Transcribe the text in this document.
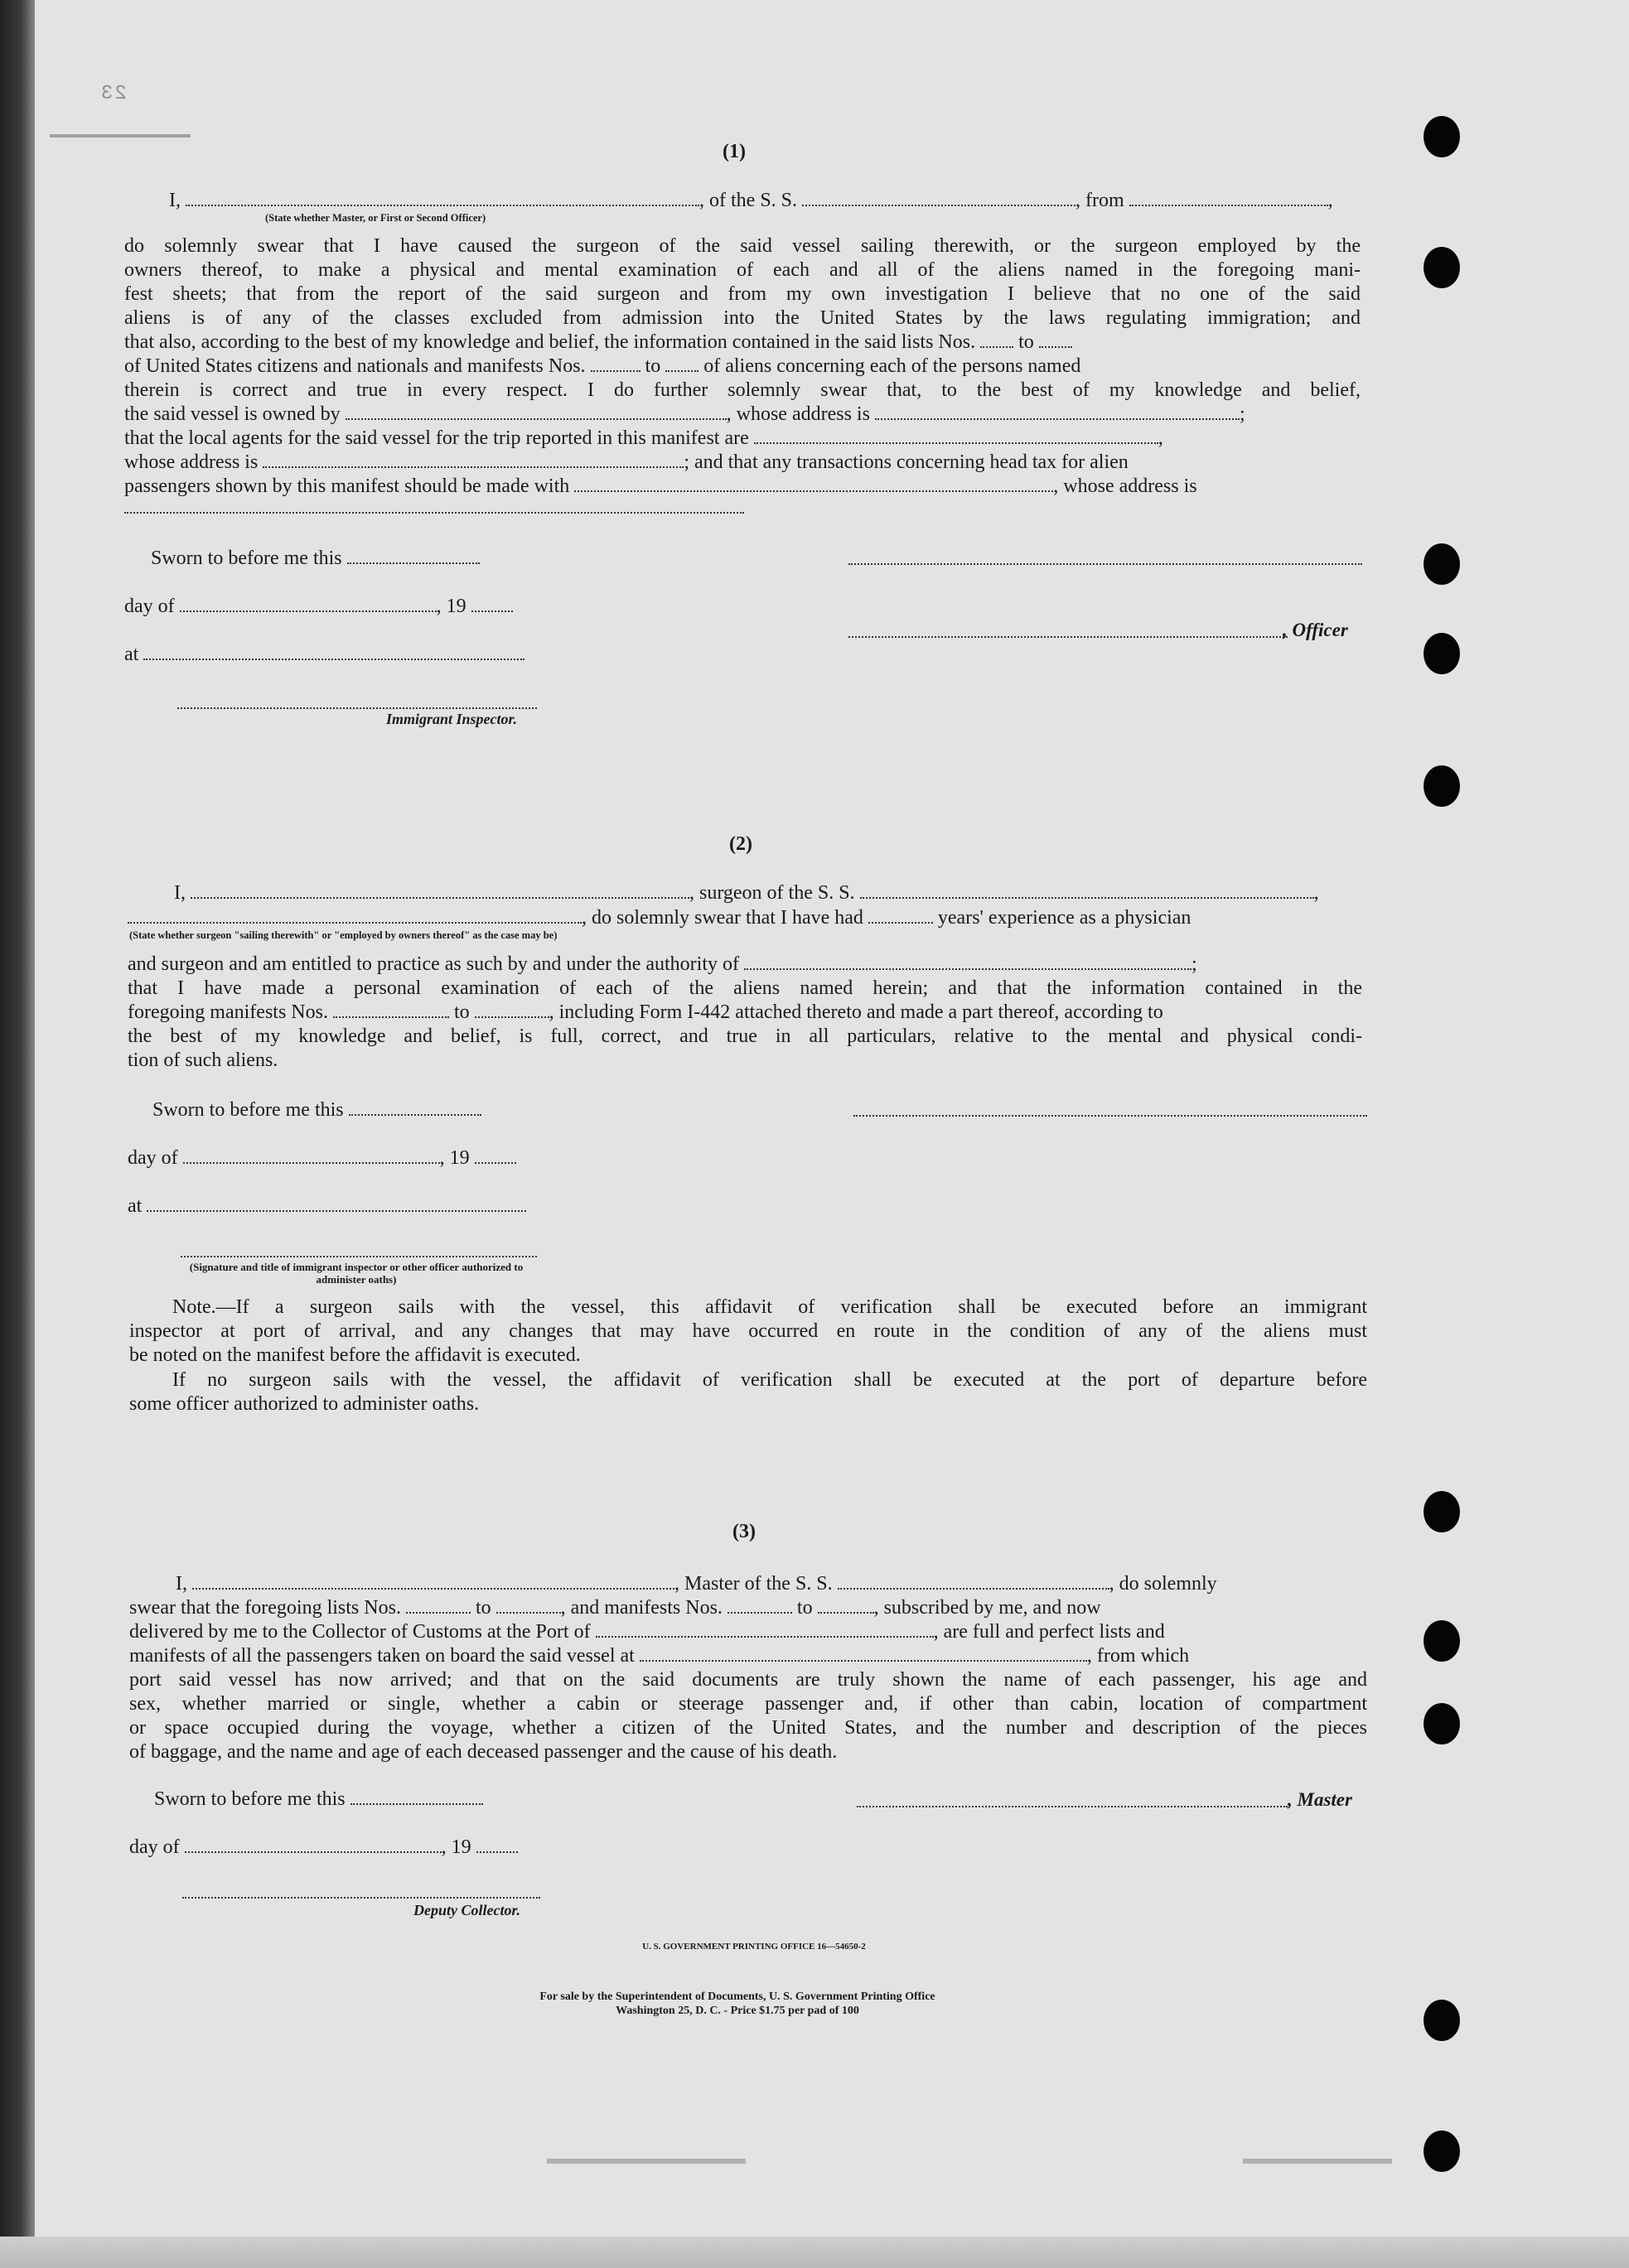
23
(1)
I,	, of the S. S.	, from	,
(State whether Master, or First or Second Officer)
do solemnly swear that I have caused the surgeon of the said vessel sailing therewith, or the surgeon employed by the
owners thereof, to make a physical and mental examination of each and all of the aliens named in the foregoing mani-
fest sheets; that from the report of the said surgeon and from my own investigation I believe that no one of the said
aliens is of any of the classes excluded from admission into the United States by the laws regulating immigration; and
that also, according to the best of my knowledge and belief, the information contained in the said lists Nos. to
of United States citizens and nationals and manifests Nos.	to of aliens concerning each of the persons named
therein is correct and true in every respect. I do further solemnly swear that, to the best of my knowledge and belief,
the said vessel is owned by	, whose address is	;
that the local agents for the said vessel for the trip reported in this manifest are	,
whose address is	; and that any transactions concerning head tax for alien
passengers shown by this manifest should be made with	, whose address is
Sworn to before me this
day of	, 19
at
, Officer
Immigrant Inspector.
(2)
I,	, surgeon of the S. S.	,
, do solemnly swear that I have had	years' experience as a physician
(State whether surgeon "sailing therewith" or "employed by owners thereof" as the case may be)
and surgeon and am entitled to practice as such by and under the authority of	;
that I have made a personal examination of each of the aliens named herein; and that the information contained in the
foregoing manifests Nos.	to	, including Form I-442 attached thereto and made a part thereof, according to
the best of my knowledge and belief, is full, correct, and true in all particulars, relative to the mental and physical condi-
tion of such aliens.
Sworn to before me this
day of	, 19
at
(Signature and title of immigrant inspector or other officer authorized to administer oaths)
Note.—If a surgeon sails with the vessel, this affidavit of verification shall be executed before an immigrant
inspector at port of arrival, and any changes that may have occurred en route in the condition of any of the aliens must
be noted on the manifest before the affidavit is executed.
If no surgeon sails with the vessel, the affidavit of verification shall be executed at the port of departure before
some officer authorized to administer oaths.
(3)
I,	, Master of the S. S.	, do solemnly
swear that the foregoing lists Nos.	to	, and manifests Nos.	to	, subscribed by me, and now
delivered by me to the Collector of Customs at the Port of	, are full and perfect lists and
manifests of all the passengers taken on board the said vessel at	, from which
port said vessel has now arrived; and that on the said documents are truly shown the name of each passenger, his age and
sex, whether married or single, whether a cabin or steerage passenger and, if other than cabin, location of compartment
or space occupied during the voyage, whether a citizen of the United States, and the number and description of the pieces
of baggage, and the name and age of each deceased passenger and the cause of his death.
Sworn to before me this	, Master
day of	, 19
Deputy Collector.
U. S. GOVERNMENT PRINTING OFFICE 16—54650-2
For sale by the Superintendent of Documents, U. S. Government Printing Office
Washington 25, D. C. - Price $1.75 per pad of 100
